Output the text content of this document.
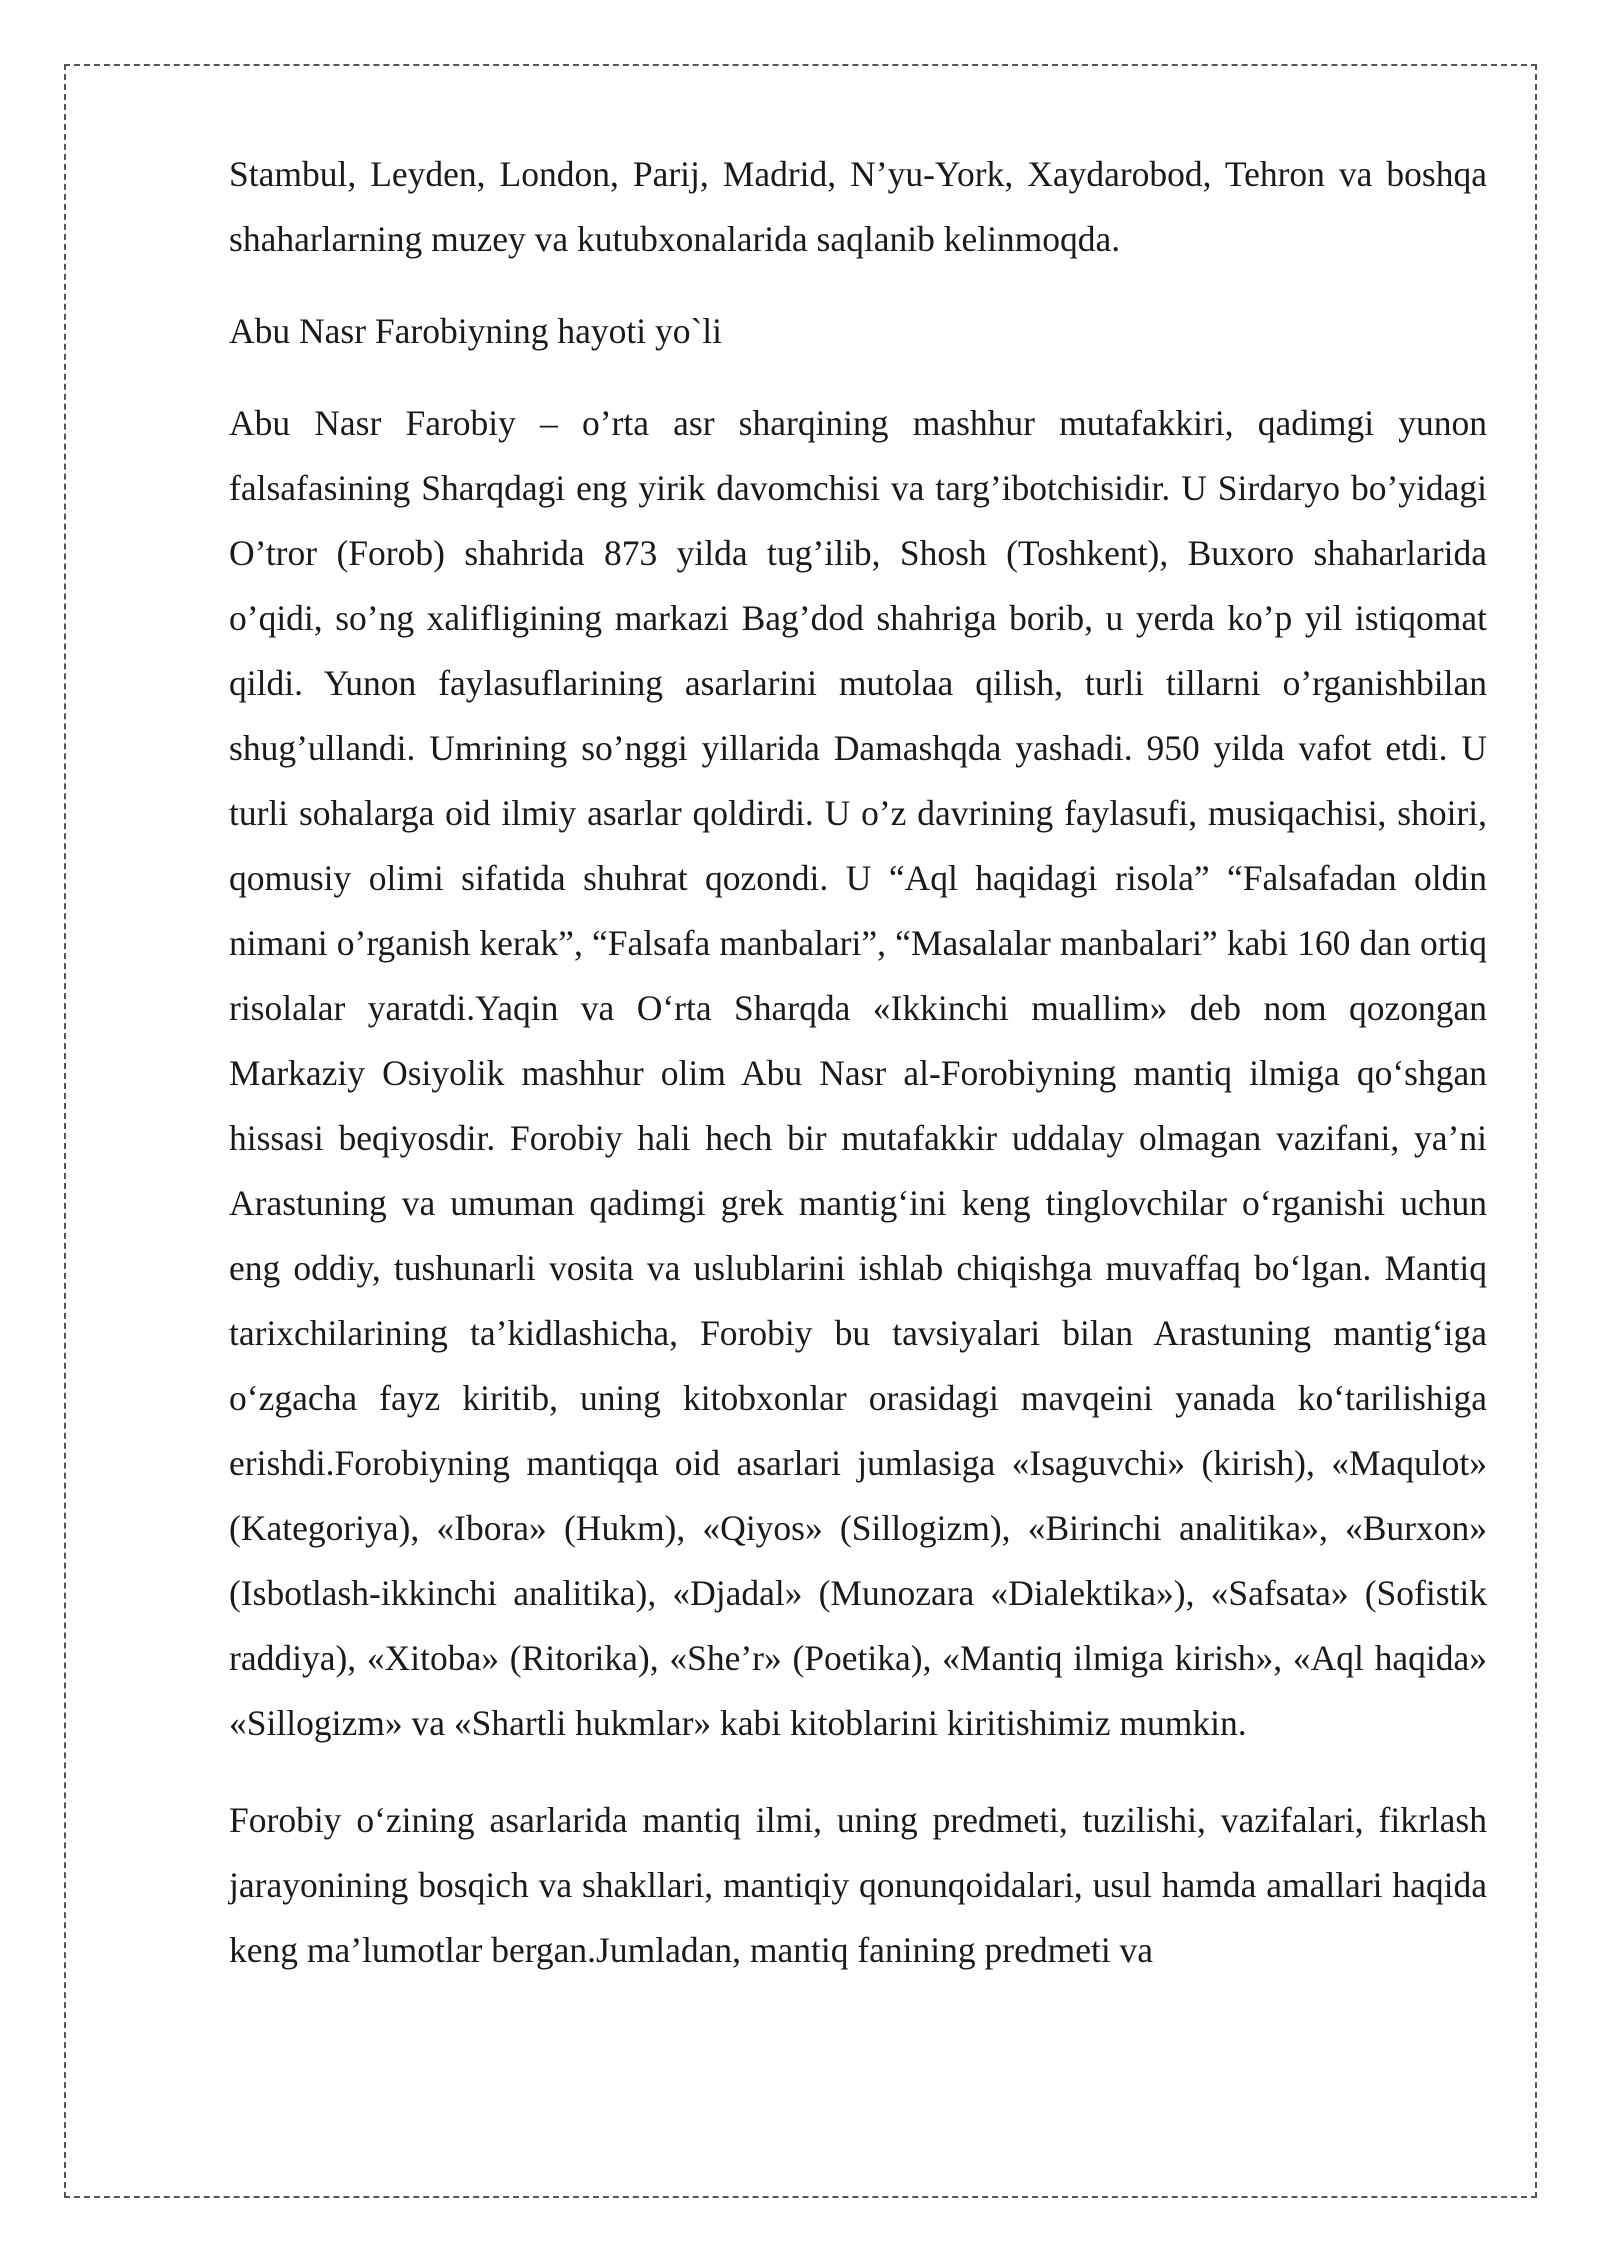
Stambul, Leyden, London, Parij, Madrid, N’yu-York, Xaydarobod, Tehron va boshqa shaharlarning muzey va kutubxonalarida saqlanib kelinmoqda.

Abu Nasr Farobiyning hayoti yo`li

Abu Nasr Farobiy – o’rta asr sharqining mashhur mutafakkiri, qadimgi yunon falsafasining Sharqdagi eng yirik davomchisi va targ’ibotchisidir. U Sirdaryo bo’yidagi O’tror (Forob) shahrida 873 yilda tug’ilib, Shosh (Toshkent), Buxoro shaharlarida o’qidi, so’ng xalifligining markazi Bag’dod shahriga borib, u yerda ko’p yil istiqomat qildi. Yunon faylasuflarining asarlarini mutolaa qilish, turli tillarni o’rganishbilan shug’ullandi. Umrining so’nggi yillarida Damashqda yashadi. 950 yilda vafot etdi. U turli sohalarga oid ilmiy asarlar qoldirdi. U o’z davrining faylasufi, musiqachisi, shoiri, qomusiy olimi sifatida shuhrat qozondi. U “Aql haqidagi risola” “Falsafadan oldin nimani o’rganish kerak”, “Falsafa manbalari”, “Masalalar manbalari” kabi 160 dan ortiq risolalar yaratdi.Yaqin va O‘rta Sharqda «Ikkinchi muallim» deb nom qozongan Markaziy Osiyolik mashhur olim Abu Nasr al-Forobiyning mantiq ilmiga qo‘shgan hissasi beqiyosdir. Forobiy hali hech bir mutafakkir uddalay olmagan vazifani, ya’ni Arastuning va umuman qadimgi grek mantig‘ini keng tinglovchilar o‘rganishi uchun eng oddiy, tushunarli vosita va uslublarini ishlab chiqishga muvaffaq bo‘lgan. Mantiq tarixchilarining ta’kidlashicha, Forobiy bu tavsiyalari bilan Arastuning mantig‘iga o‘zgacha fayz kiritib, uning kitobxonlar orasidagi mavqeini yanada ko‘tarilishiga erishdi.Forobiyning mantiqqa oid asarlari jumlasiga «Isaguvchi» (kirish), «Maqulot» (Kategoriya), «Ibora» (Hukm), «Qiyos» (Sillogizm), «Birinchi analitika», «Burxon» (Isbotlash-ikkinchi analitika), «Djadal» (Munozara «Dialektika»), «Safsata» (Sofistik raddiya), «Xitoba» (Ritorika), «She’r» (Poetika), «Mantiq ilmiga kirish», «Aql haqida» «Sillogizm» va «Shartli hukmlar» kabi kitoblarini kiritishimiz mumkin.

Forobiy o‘zining asarlarida mantiq ilmi, uning predmeti, tuzilishi, vazifalari, fikrlash jarayonining bosqich va shakllari, mantiqiy qonunqoidalari, usul hamda amallari haqida keng ma’lumotlar bergan.Jumladan, mantiq fanining predmeti va
